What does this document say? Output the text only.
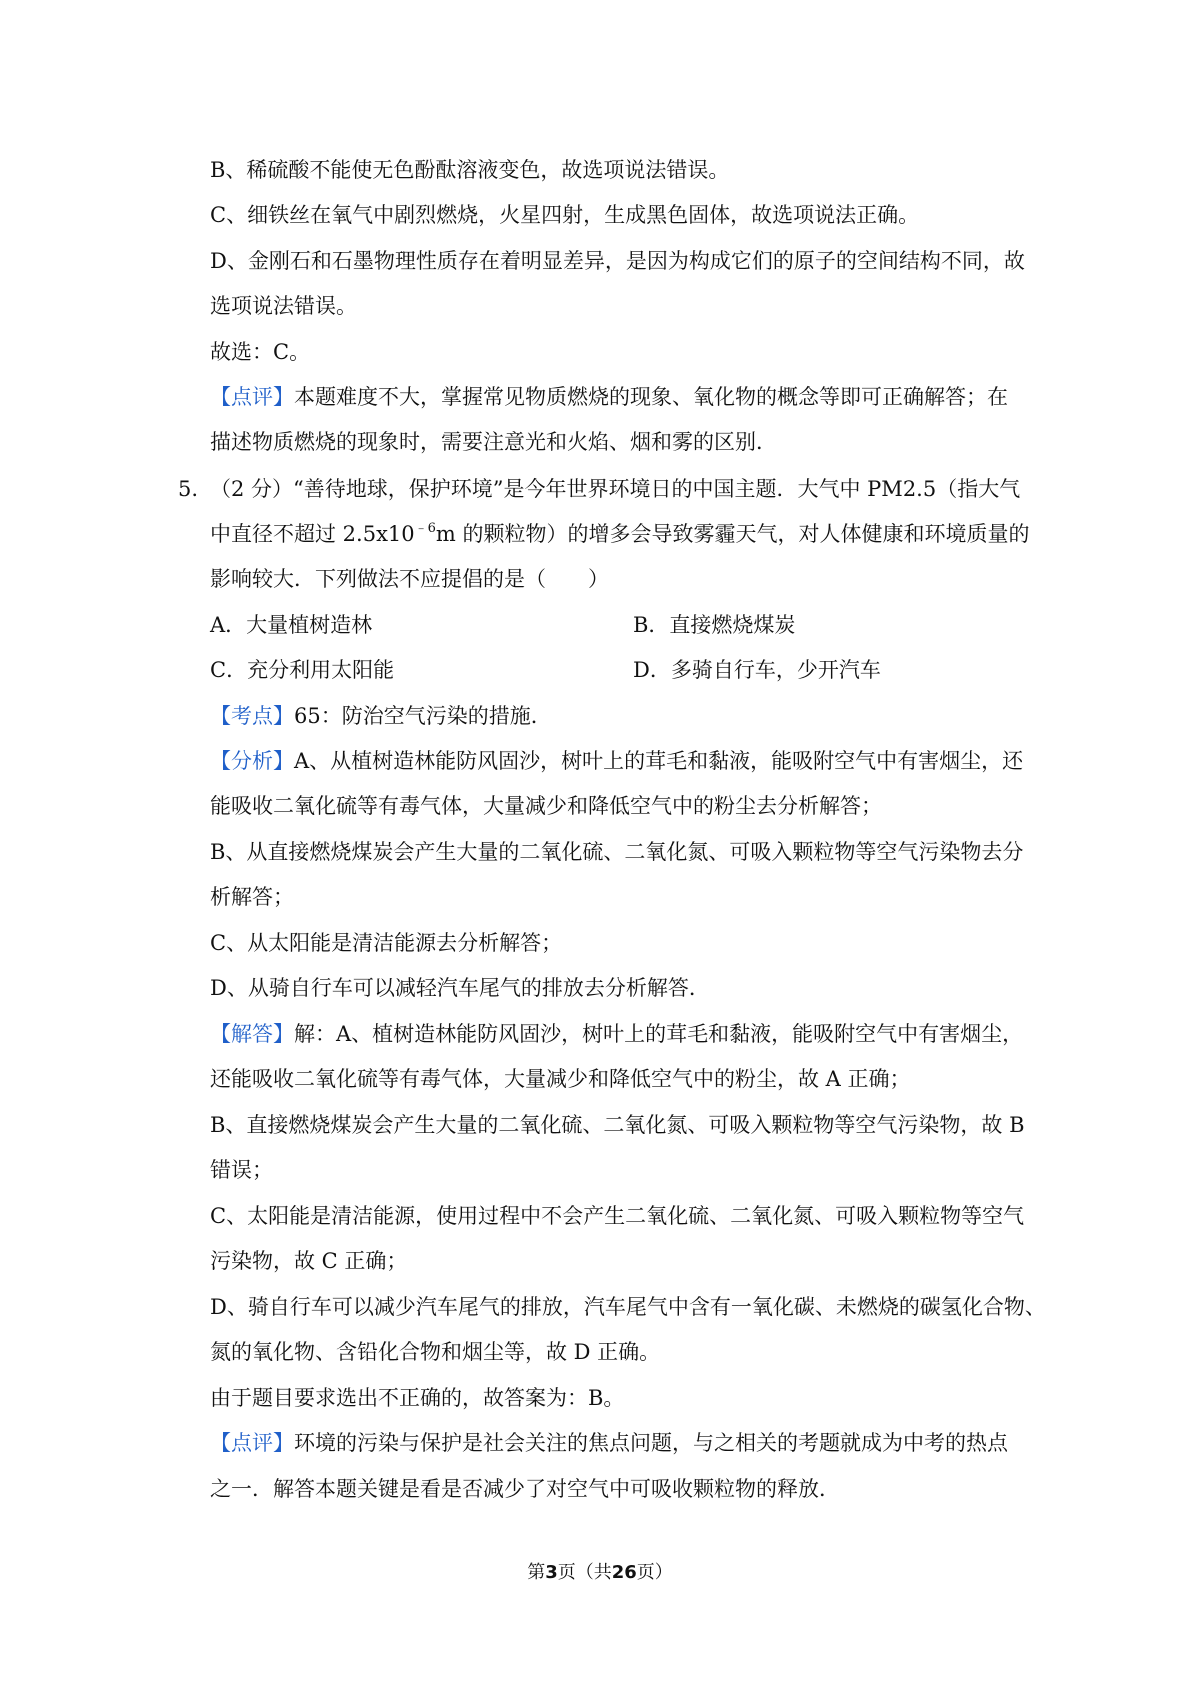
B、稀硫酸不能使无色酚酞溶液变色，故选项说法错误。
C、细铁丝在氧气中剧烈燃烧，火星四射，生成黑色固体，故选项说法正确。
D、金刚石和石墨物理性质存在着明显差异，是因为构成它们的原子的空间结构不同，故
选项说法错误。
故选：C。
【点评】本题难度不大，掌握常见物质燃烧的现象、氧化物的概念等即可正确解答；在
描述物质燃烧的现象时，需要注意光和火焰、烟和雾的区别．
5. （2 分）“善待地球，保护环境”是今年世界环境日的中国主题．大气中 PM2.5（指大气
中直径不超过 $2.5x10^{﹣6}m$ 的颗粒物）的增多会导致雾霾天气，对人体健康和环境质量的
影响较大．下列做法不应提倡的是（　　）
A．大量植树造林	B．直接燃烧煤炭
C．充分利用太阳能	D．多骑自行车，少开汽车
【考点】65：防治空气污染的措施．
【分析】A、从植树造林能防风固沙，树叶上的茸毛和黏液，能吸附空气中有害烟尘，还
能吸收二氧化硫等有毒气体，大量减少和降低空气中的粉尘去分析解答；
B、从直接燃烧煤炭会产生大量的二氧化硫、二氧化氮、可吸入颗粒物等空气污染物去分
析解答；
C、从太阳能是清洁能源去分析解答；
D、从骑自行车可以减轻汽车尾气的排放去分析解答．
【解答】解：A、植树造林能防风固沙，树叶上的茸毛和黏液，能吸附空气中有害烟尘，
还能吸收二氧化硫等有毒气体，大量减少和降低空气中的粉尘，故 A 正确；
B、直接燃烧煤炭会产生大量的二氧化硫、二氧化氮、可吸入颗粒物等空气污染物，故 B
错误；
C、太阳能是清洁能源，使用过程中不会产生二氧化硫、二氧化氮、可吸入颗粒物等空气
污染物，故 C 正确；
D、骑自行车可以减少汽车尾气的排放，汽车尾气中含有一氧化碳、未燃烧的碳氢化合物、
氮的氧化物、含铅化合物和烟尘等，故 D 正确。
由于题目要求选出不正确的，故答案为：B。
【点评】环境的污染与保护是社会关注的焦点问题，与之相关的考题就成为中考的热点
之一．解答本题关键是看是否减少了对空气中可吸收颗粒物的释放．
第3页（共26页）
